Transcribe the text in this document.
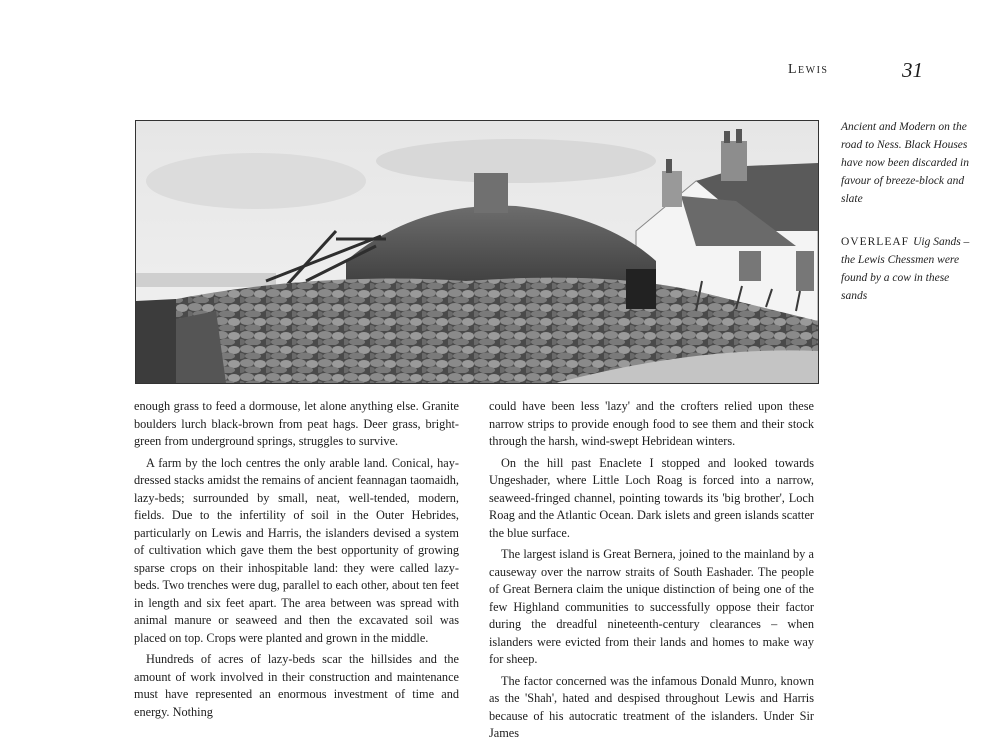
Lewis	31
Ancient and Modern on the road to Ness. Black Houses have now been discarded in favour of breeze-block and slate
OVERLEAF Uig Sands – the Lewis Chessmen were found by a cow in these sands

enough grass to feed a dormouse, let alone anything else. Granite boulders lurch black-brown from peat hags. Deer grass, bright-green from underground springs, struggles to survive.

A farm by the loch centres the only arable land. Conical, hay-dressed stacks amidst the remains of ancient feannagan taomaidh, lazy-beds; surrounded by small, neat, well-tended, modern, fields. Due to the infertility of soil in the Outer Hebrides, particularly on Lewis and Harris, the islanders devised a system of cultivation which gave them the best opportunity of growing sparse crops on their inhospitable land: they were called lazy-beds. Two trenches were dug, parallel to each other, about ten feet in length and six feet apart. The area between was spread with animal manure or seaweed and then the excavated soil was placed on top. Crops were planted and grown in the middle.

Hundreds of acres of lazy-beds scar the hillsides and the amount of work involved in their construction and maintenance must have represented an enormous investment of time and energy. Nothing

could have been less 'lazy' and the crofters relied upon these narrow strips to provide enough food to see them and their stock through the harsh, wind-swept Hebridean winters.

On the hill past Enaclete I stopped and looked towards Ungeshader, where Little Loch Roag is forced into a narrow, seaweed-fringed channel, pointing towards its 'big brother', Loch Roag and the Atlantic Ocean. Dark islets and green islands scatter the blue surface.

The largest island is Great Bernera, joined to the mainland by a causeway over the narrow straits of South Eashader. The people of Great Bernera claim the unique distinction of being one of the few Highland communities to successfully oppose their factor during the dreadful nineteenth-century clearances – when islanders were evicted from their lands and homes to make way for sheep.

The factor concerned was the infamous Donald Munro, known as the 'Shah', hated and despised throughout Lewis and Harris because of his autocratic treatment of the islanders. Under Sir James
